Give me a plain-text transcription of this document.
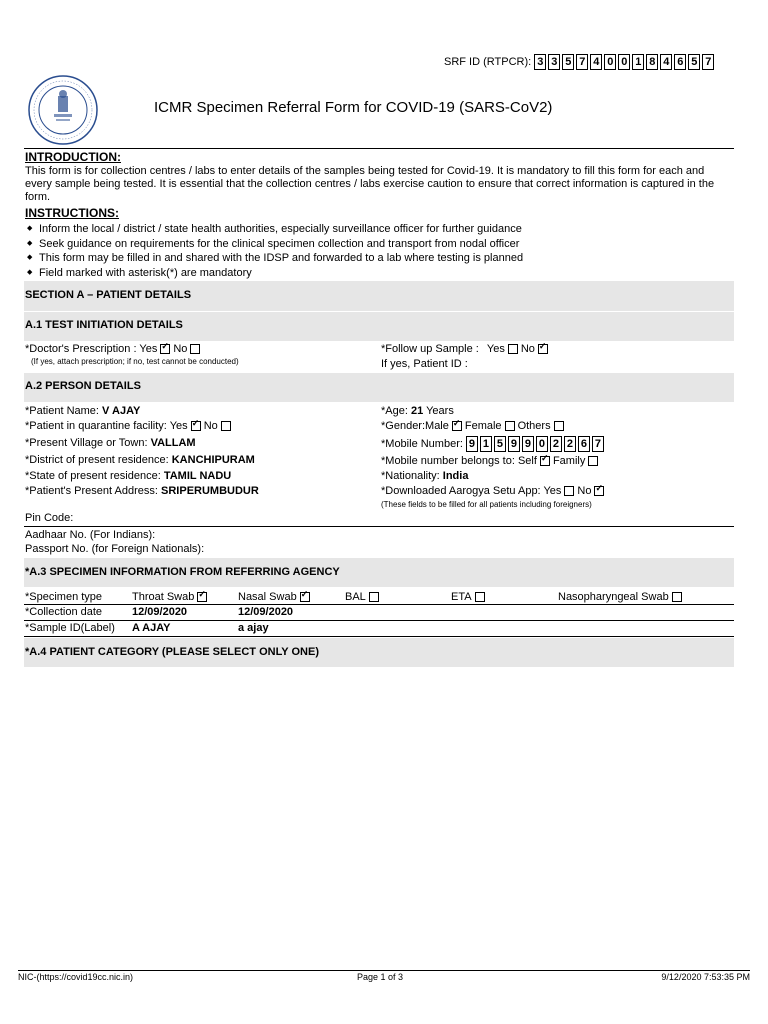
SRF ID (RTPCR): 3 3 5 7 4 0 0 1 8 4 6 5 7
ICMR Specimen Referral Form for COVID-19 (SARS-CoV2)
INTRODUCTION:
This form is for collection centres / labs to enter details of the samples being tested for Covid-19. It is mandatory to fill this form for each and every sample being tested. It is essential that the collection centres / labs exercise caution to ensure that correct information is captured in the form.
INSTRUCTIONS:
◆ Inform the local / district / state health authorities, especially surveillance officer for further guidance
◆ Seek guidance on requirements for the clinical specimen collection and transport from nodal officer
◆ This form may be filled in and shared with the IDSP and forwarded to a lab where testing is planned
◆ Field marked with asterisk(*) are mandatory
SECTION A – PATIENT DETAILS
A.1 TEST INITIATION DETAILS
*Doctor's Prescription : Yes ✓ No
(If yes, attach prescription; if no, test cannot be conducted)
*Follow up Sample : Yes No✓
If yes, Patient ID :
A.2 PERSON DETAILS
*Patient Name: V AJAY
*Patient in quarantine facility: Yes ✓ No
*Present Village or Town: VALLAM
*District of present residence: KANCHIPURAM
*State of present residence: TAMIL NADU
*Patient's Present Address: SRIPERUMBUDUR
Pin Code:
Aadhaar No. (For Indians):
Passport No. (for Foreign Nationals):
*Age: 21 Years
*Gender:Male ✓ Female Others
*Mobile Number: 9 1 5 9 9 0 2 2 6 7
*Mobile number belongs to: Self ✓ Family
*Nationality: India
*Downloaded Aarogya Setu App: Yes No✓
(These fields to be filled for all patients including foreigners)
*A.3 SPECIMEN INFORMATION FROM REFERRING AGENCY
*Specimen type	Throat Swab ✓	Nasal Swab ✓	BAL	ETA	Nasopharyngeal Swab
*Collection date	12/09/2020	12/09/2020
*Sample ID(Label) A AJAY	a ajay
*A.4 PATIENT CATEGORY (PLEASE SELECT ONLY ONE)
NIC-(https://covid19cc.nic.in)	Page 1 of 3	9/12/2020 7:53:35 PM
